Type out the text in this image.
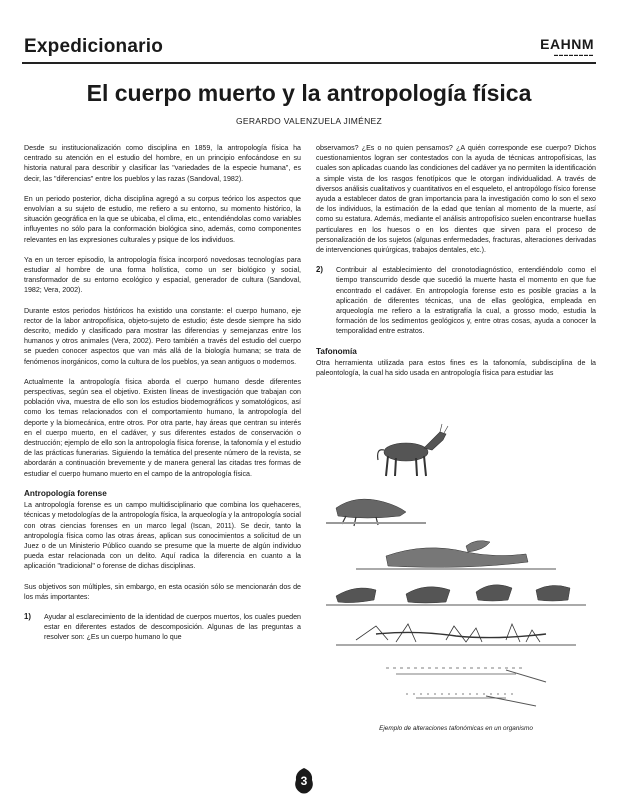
Expedicionario	EAHNM
▬▬▬▬▬▬▬▬
El cuerpo muerto y la antropología física
GERARDO VALENZUELA JIMÉNEZ

Desde su institucionalización como disciplina en 1859, la antropología física ha centrado su atención en el estudio del hombre, en un principio enfocándose en su historia natural para describir y clasificar las "variedades de la especie humana", es decir, las "diferencias" entre los pueblos y las razas (Sandoval, 1982).

En un periodo posterior, dicha disciplina agregó a su corpus teórico los aspectos que envolvían a su sujeto de estudio, me refiero a su entorno, su momento histórico, la situación geográfica en la que se ubicaba, el clima, etc., entendiéndolas como variables influyentes no sólo para la conformación biológica sino, además, como componentes relevantes en las expresiones culturales y psique de los individuos.

Ya en un tercer episodio, la antropología física incorporó novedosas tecnologías para estudiar al hombre de una forma holística, como un ser biológico y social, transformador de su entorno ecológico y espacial, generador de cultura (Sandoval, 1982; Vera, 2002).

Durante estos periodos históricos ha existido una constante: el cuerpo humano, eje rector de la labor antropofísica, objeto-sujeto de estudio; éste desde siempre ha sido descrito, medido y clasificado para mostrar las diferencias y semejanzas entre los humanos y otros animales (Vera, 2002). Pero también a través del estudio del cuerpo se pueden conocer aspectos que van más allá de la biología humana; se trata de fenómenos inorgánicos, como la cultura de los pueblos, ya sean antiguos o modernos.

Actualmente la antropología física aborda el cuerpo humano desde diferentes perspectivas, según sea el objetivo. Existen líneas de investigación que trabajan con población viva, muestra de ello son los estudios biodemográficos y somatológicos, así como los temas relacionados con el comportamiento humano, la antropología del deporte y la biomecánica, entre otros. Por otra parte, hay áreas que centran su interés en el cuerpo muerto, en el cadáver, y sus diferentes estados de conservación o destrucción; ejemplo de ello son la antropología física forense, la tafonomía y el estudio de las prácticas funerarias. Siguiendo la temática del presente número de la revista, se abordarán a continuación brevemente y de manera general las citadas tres formas de estudiar el cuerpo humano muerto en el campo de la antropología física.

Antropología forense

La antropología forense es un campo multidisciplinario que combina los quehaceres, técnicas y metodologías de la antropología física, la arqueología y la antropología social con otras ciencias forenses en un marco legal (Iscan, 2011). Se decir, tanto la antropología física como las otras áreas, aplican sus conocimientos a solicitud de un Juez o de un Ministerio Público cuando se presume que la muerte de algún individuo pueda estar relacionada con un delito. Aquí radica la diferencia en cuanto a la aplicación "tradicional" o forense de dichas disciplinas.

Sus objetivos son múltiples, sin embargo, en esta ocasión sólo se mencionarán dos de los más importantes:

1)	Ayudar al esclarecimiento de la identidad de cuerpos muertos, los cuales pueden estar en diferentes estados de descomposición. Algunas de las preguntas a resolver son: ¿Es un cuerpo humano lo que

observamos? ¿Es o no quien pensamos? ¿A quién corresponde ese cuerpo? Dichos cuestionamientos logran ser contestados con la ayuda de técnicas antropofísicas, las cuales son aplicadas cuando las condiciones del cadáver ya no permiten la identificación a simple vista de los rasgos fenotípicos que le otorgan individualidad. A través de diversos análisis cualitativos y cuantitativos en el esqueleto, el antropólogo físico forense ayuda a establecer datos de gran importancia para la investigación como lo son el sexo de los individuos, la estimación de la edad que tenían al momento de la muerte, así como su estatura. Además, mediante el análisis antropofísico suelen encontrarse huellas particulares en los huesos o en los dientes que sirven para el proceso de personalización de los sujetos (algunas enfermedades, fracturas, alteraciones derivadas de intervenciones quirúrgicas, trabajos dentales, etc.).

2)	Contribuir al establecimiento del cronotodiagnóstico, entendiéndolo como el tiempo transcurrido desde que sucedió la muerte hasta el momento en que fue encontrado el cadáver. En antropología forense esto es posible gracias a la aplicación de diferentes técnicas, una de ellas geológica, empleada en arqueología me refiero a la estratigrafía la cual, a grosso modo, estudia la formación de los sedimentos geológicos y, entre otras cosas, ayuda a conocer la temporalidad entre estratos.

Tafonomía

Otra herramienta utilizada para estos fines es la tafonomía, subdisciplina de la paleontología, la cual ha sido usada en antropología física para estudiar las

Ejemplo de alteraciones tafonómicas en un organismo
3
